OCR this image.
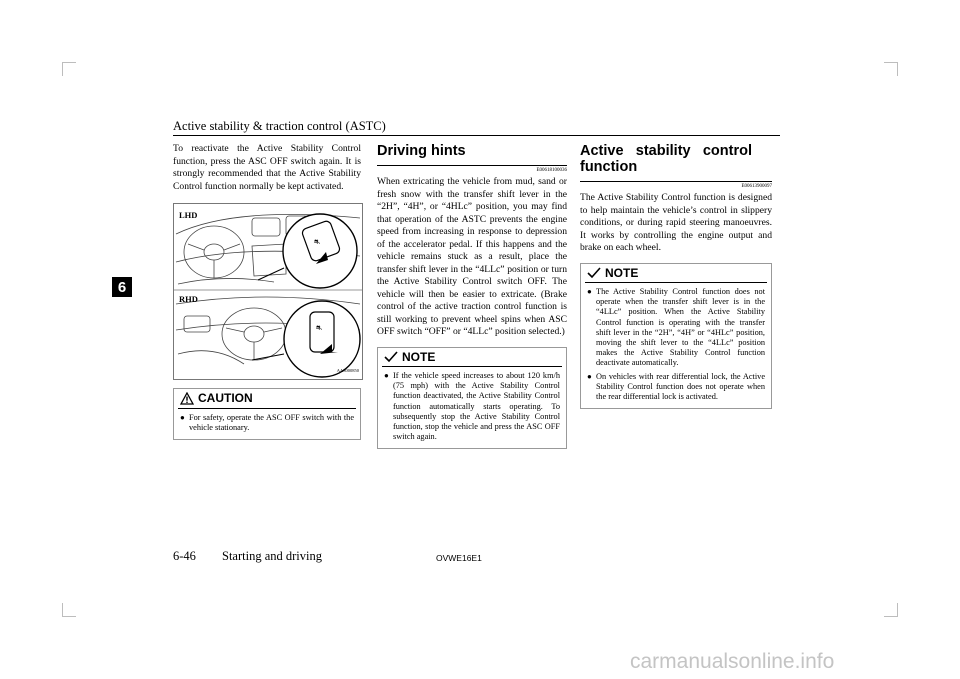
Active stability & traction control (ASTC)
6
To reactivate the Active Stability Control function, press the ASC OFF switch again. It is strongly recommended that the Active Stability Control function normally be kept activated.
⛐
⛐
LHD
RHD
AA3000850
CAUTION
● For safety, operate the ASC OFF switch with the vehicle stationary.
Driving hints
E00618100036
When extricating the vehicle from mud, sand or fresh snow with the transfer shift lever in the “2H”, “4H”, or “4HLc” position, you may find that operation of the ASTC prevents the engine speed from increasing in response to depression of the accelerator pedal. If this happens and the vehicle remains stuck as a result, place the transfer shift lever in the “4LLc” position or turn the Active Stability Control switch OFF. The vehicle will then be easier to extricate. (Brake control of the active traction control function is still working to prevent wheel spins when ASC OFF switch “OFF” or “4LLc” position selected.)
NOTE
● If the vehicle speed increases to about 120 km/h (75 mph) with the Active Stability Control function deactivated, the Active Stability Control function automatically starts operating. To subsequently stop the Active Stability Control function, stop the vehicle and press the ASC OFF switch again.
Active stability control function
E00613900097
The Active Stability Control function is designed to help maintain the vehicle’s control in slippery conditions, or during rapid steering manoeuvres. It works by controlling the engine output and brake on each wheel.
NOTE
● The Active Stability Control function does not operate when the transfer shift lever is in the “4LLc” position. When the Active Stability Control function is operating with the transfer shift lever in the “2H”, “4H” or “4HLc” position, moving the shift lever to the “4LLc” position makes the Active Stability Control function deactivate automatically.
● On vehicles with rear differential lock, the Active Stability Control function does not operate when the rear differential lock is activated.
6-46 Starting and driving	OVWE16E1
carmanualsonline.info
